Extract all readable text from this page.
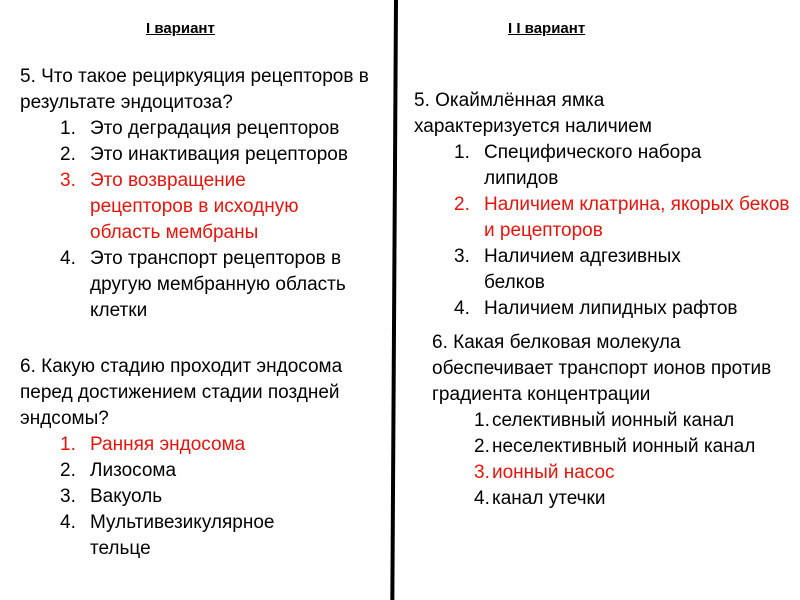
I вариант	I I вариант

5. Что такое рециркуяция рецепторов в результате эндоцитоза?

1. Это деградация рецепторов
2. Это инактивация рецепторов
3. Это возвращение рецепторов в исходную область мембраны
4. Это транспорт рецепторов в другую мембранную область клетки

6. Какую стадию проходит эндосома перед достижением стадии поздней эндсомы?

1. Ранняя эндосома
2. Лизосома
3. Вакуоль
4. Мультивезикулярное тельце

5. Окаймлённая ямка характеризуется наличием

1. Специфического набора липидов
2. Наличием клатрина, якорых беков и рецепторов
3. Наличием адгезивных белков
4. Наличием липидных рафтов

6. Какая белковая молекула обеспечивает транспорт ионов против градиента концентрации

1. селективный ионный канал
2. неселективный ионный канал
3. ионный насос
4. канал утечки
